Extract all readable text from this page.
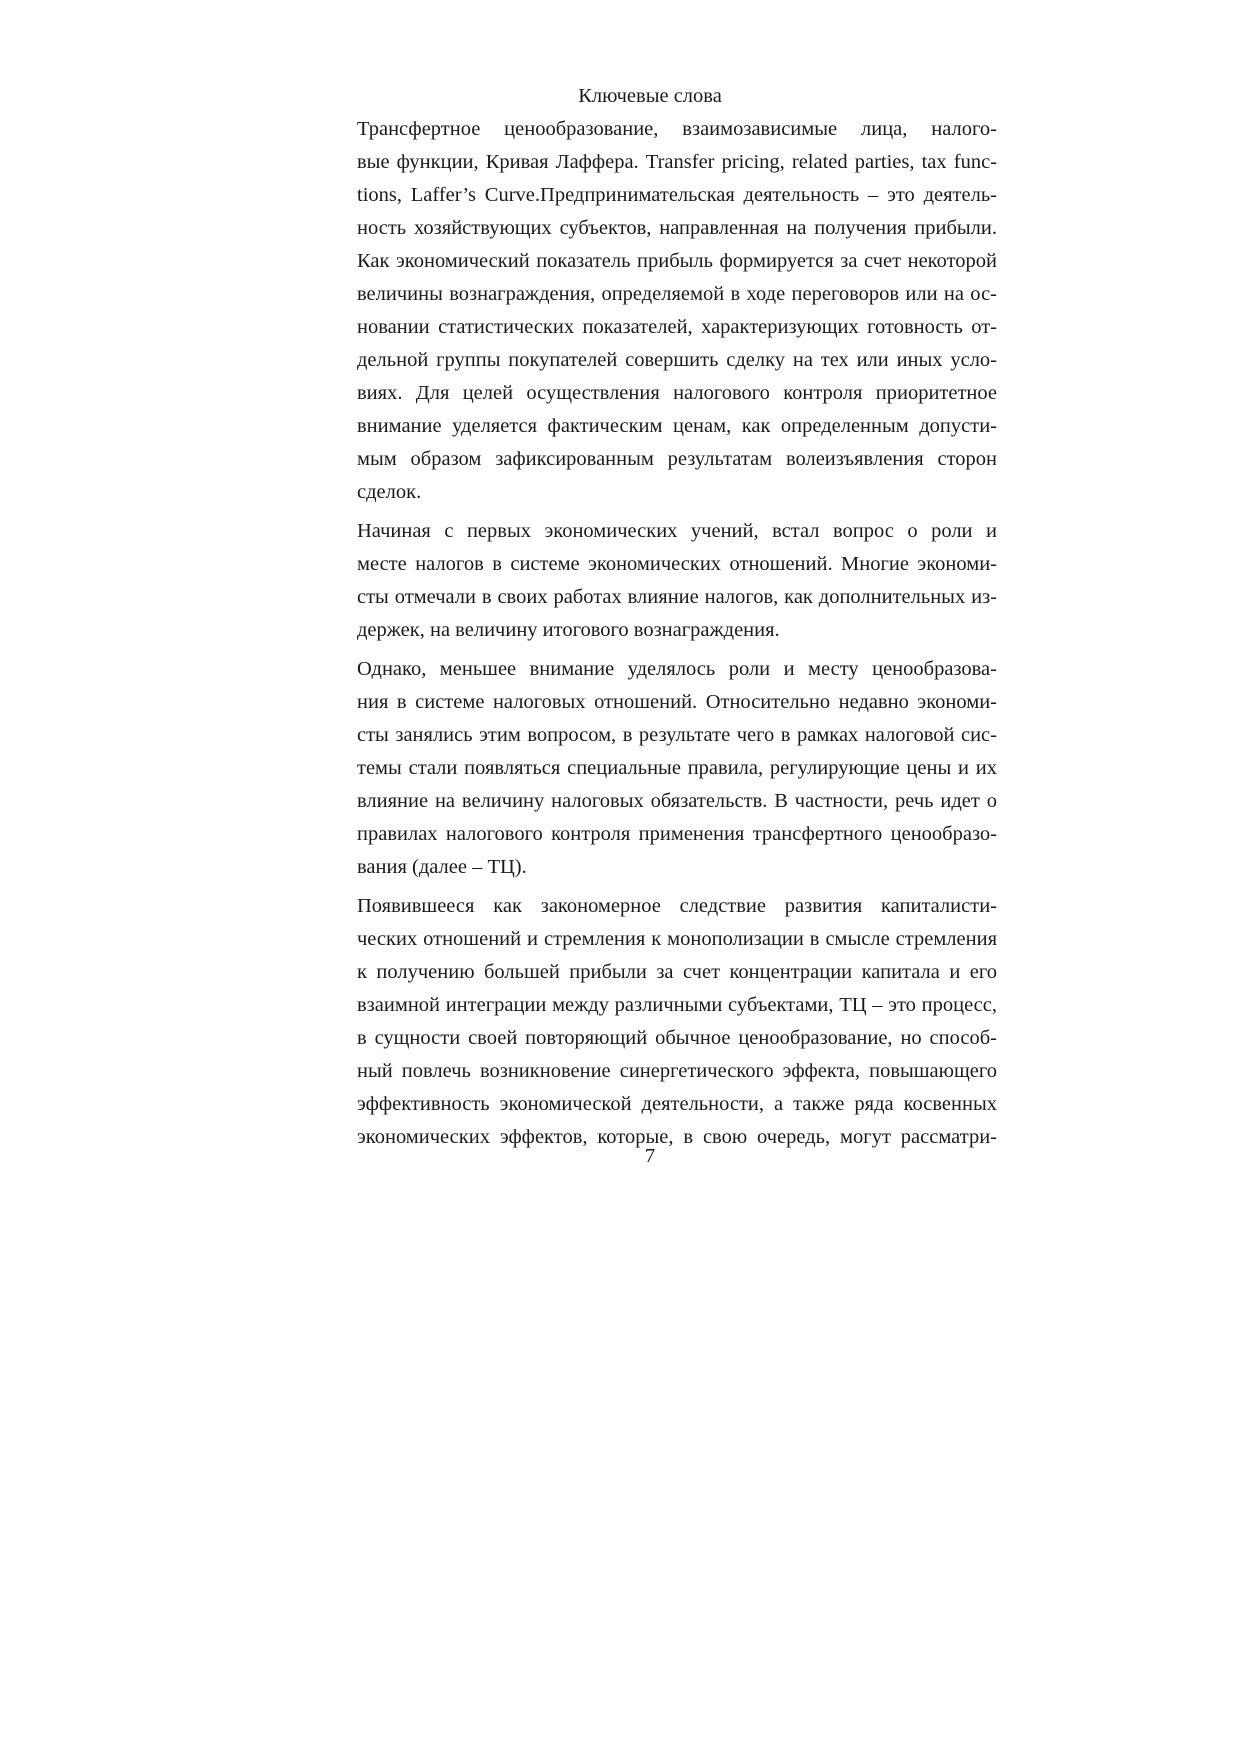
Ключевые слова

Трансфертное ценообразование, взаимозависимые лица, налого-
вые функции, Кривая Лаффера. Transfer pricing, related parties, tax func-
tions, Laffer’s Curve.Предпринимательская деятельность – это деятель-
ность хозяйствующих субъектов, направленная на получения прибыли.
Как экономический показатель прибыль формируется за счет некоторой
величины вознаграждения, определяемой в ходе переговоров или на ос-
новании статистических показателей, характеризующих готовность от-
дельной группы покупателей совершить сделку на тех или иных усло-
виях. Для целей осуществления налогового контроля приоритетное
внимание уделяется фактическим ценам, как определенным допусти-
мым образом зафиксированным результатам волеизъявления сторон
сделок.

Начиная с первых экономических учений, встал вопрос о роли и
месте налогов в системе экономических отношений. Многие экономи-
сты отмечали в своих работах влияние налогов, как дополнительных из-
держек, на величину итогового вознаграждения.

Однако, меньшее внимание уделялось роли и месту ценообразова-
ния в системе налоговых отношений. Относительно недавно экономи-
сты занялись этим вопросом, в результате чего в рамках налоговой сис-
темы стали появляться специальные правила, регулирующие цены и их
влияние на величину налоговых обязательств. В частности, речь идет о
правилах налогового контроля применения трансфертного ценообразо-
вания (далее – ТЦ).

Появившееся как закономерное следствие развития капиталисти-
ческих отношений и стремления к монополизации в смысле стремления
к получению большей прибыли за счет концентрации капитала и его
взаимной интеграции между различными субъектами, ТЦ – это процесс,
в сущности своей повторяющий обычное ценообразование, но способ-
ный повлечь возникновение синергетического эффекта, повышающего
эффективность экономической деятельности, а также ряда косвенных
экономических эффектов, которые, в свою очередь, могут рассматри-

7
